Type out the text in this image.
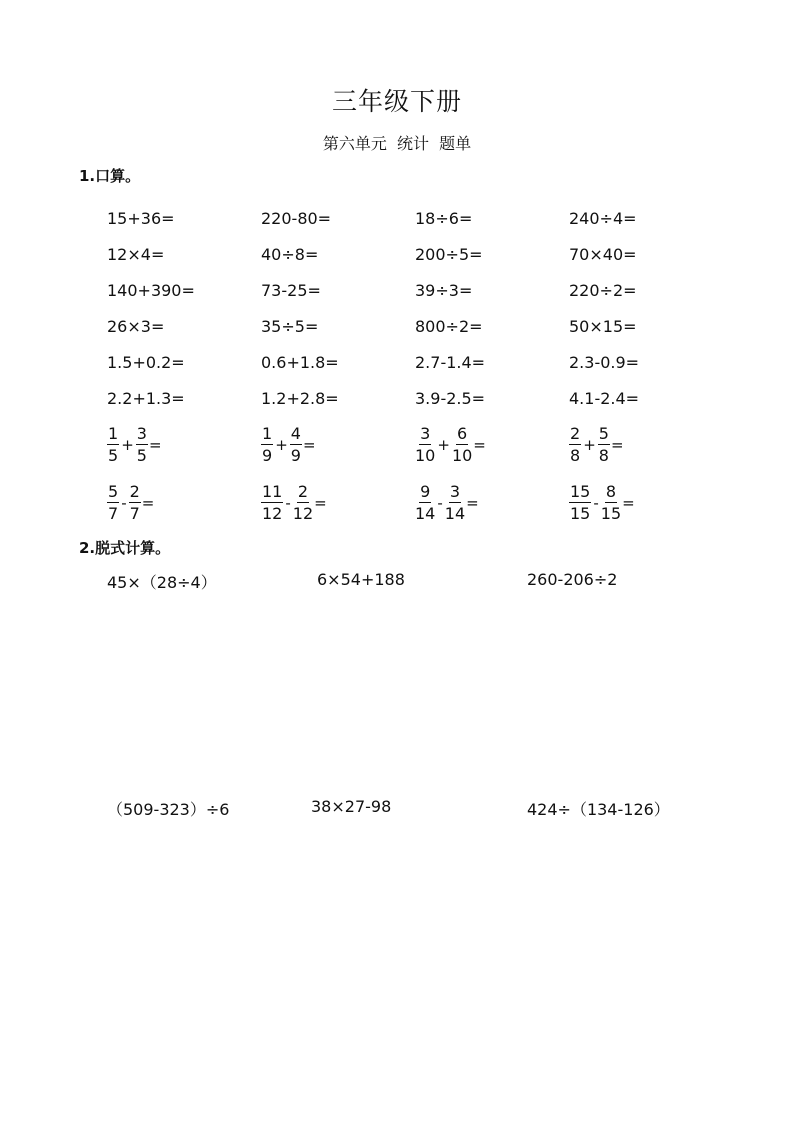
三年级下册
第六单元  统计  题单
1.口算。
15+36=	220-80=	18÷6=	240÷4=
12×4=	40÷8=	200÷5=	70×40=
140+390=	73-25=	39÷3=	220÷2=
26×3=	35÷5=	800÷2=	50×15=
1.5+0.2=	0.6+1.8=	2.7-1.4=	2.3-0.9=
2.2+1.3=	1.2+2.8=	3.9-2.5=	4.1-2.4=
$\frac{1}{5} + \frac{3}{5}$ =	$\frac{1}{9} + \frac{4}{9}$ =	$\frac{3}{10} + \frac{6}{10}$ =	$\frac{2}{8} + \frac{5}{8}$ =
$\frac{5}{7} - \frac{2}{7}$ =	$\frac{11}{12} - \frac{2}{12}$ =	$\frac{9}{14} - \frac{3}{14}$ =	$\frac{15}{15} - \frac{8}{15}$ =
2.脱式计算。
45×（28÷4）	6×54+188	260-206÷2
（509-323）÷6	38×27-98	424÷（134-126）
